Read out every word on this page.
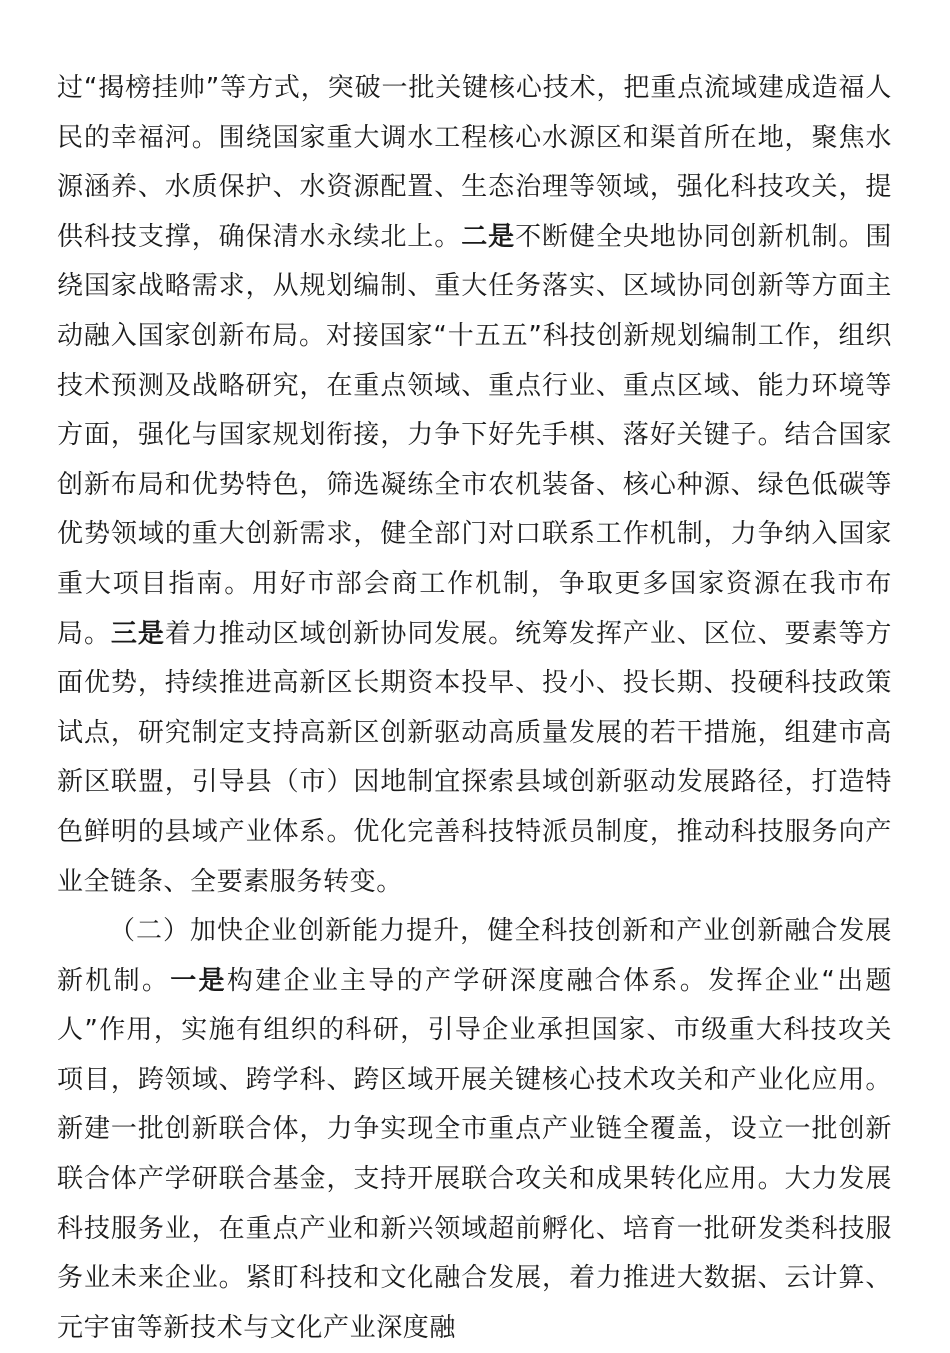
过“揭榜挂帅”等方式，突破一批关键核心技术，把重点流域建成造福人民的幸福河。围绕国家重大调水工程核心水源区和渠首所在地，聚焦水源涵养、水质保护、水资源配置、生态治理等领域，强化科技攻关，提供科技支撑，确保清水永续北上。二是不断健全央地协同创新机制。围绕国家战略需求，从规划编制、重大任务落实、区域协同创新等方面主动融入国家创新布局。对接国家“十五五”科技创新规划编制工作，组织技术预测及战略研究，在重点领域、重点行业、重点区域、能力环境等方面，强化与国家规划衔接，力争下好先手棋、落好关键子。结合国家创新布局和优势特色，筛选凝练全市农机装备、核心种源、绿色低碳等优势领域的重大创新需求，健全部门对口联系工作机制，力争纳入国家重大项目指南。用好市部会商工作机制，争取更多国家资源在我市布局。三是着力推动区域创新协同发展。统筹发挥产业、区位、要素等方面优势，持续推进高新区长期资本投早、投小、投长期、投硬科技政策试点，研究制定支持高新区创新驱动高质量发展的若干措施，组建市高新区联盟，引导县（市）因地制宜探索县域创新驱动发展路径，打造特色鲜明的县域产业体系。优化完善科技特派员制度，推动科技服务向产业全链条、全要素服务转变。

（二）加快企业创新能力提升，健全科技创新和产业创新融合发展新机制。一是构建企业主导的产学研深度融合体系。发挥企业“出题人”作用，实施有组织的科研，引导企业承担国家、市级重大科技攻关项目，跨领域、跨学科、跨区域开展关键核心技术攻关和产业化应用。新建一批创新联合体，力争实现全市重点产业链全覆盖，设立一批创新联合体产学研联合基金，支持开展联合攻关和成果转化应用。大力发展科技服务业，在重点产业和新兴领域超前孵化、培育一批研发类科技服务业未来企业。紧盯科技和文化融合发展，着力推进大数据、云计算、元宇宙等新技术与文化产业深度融
